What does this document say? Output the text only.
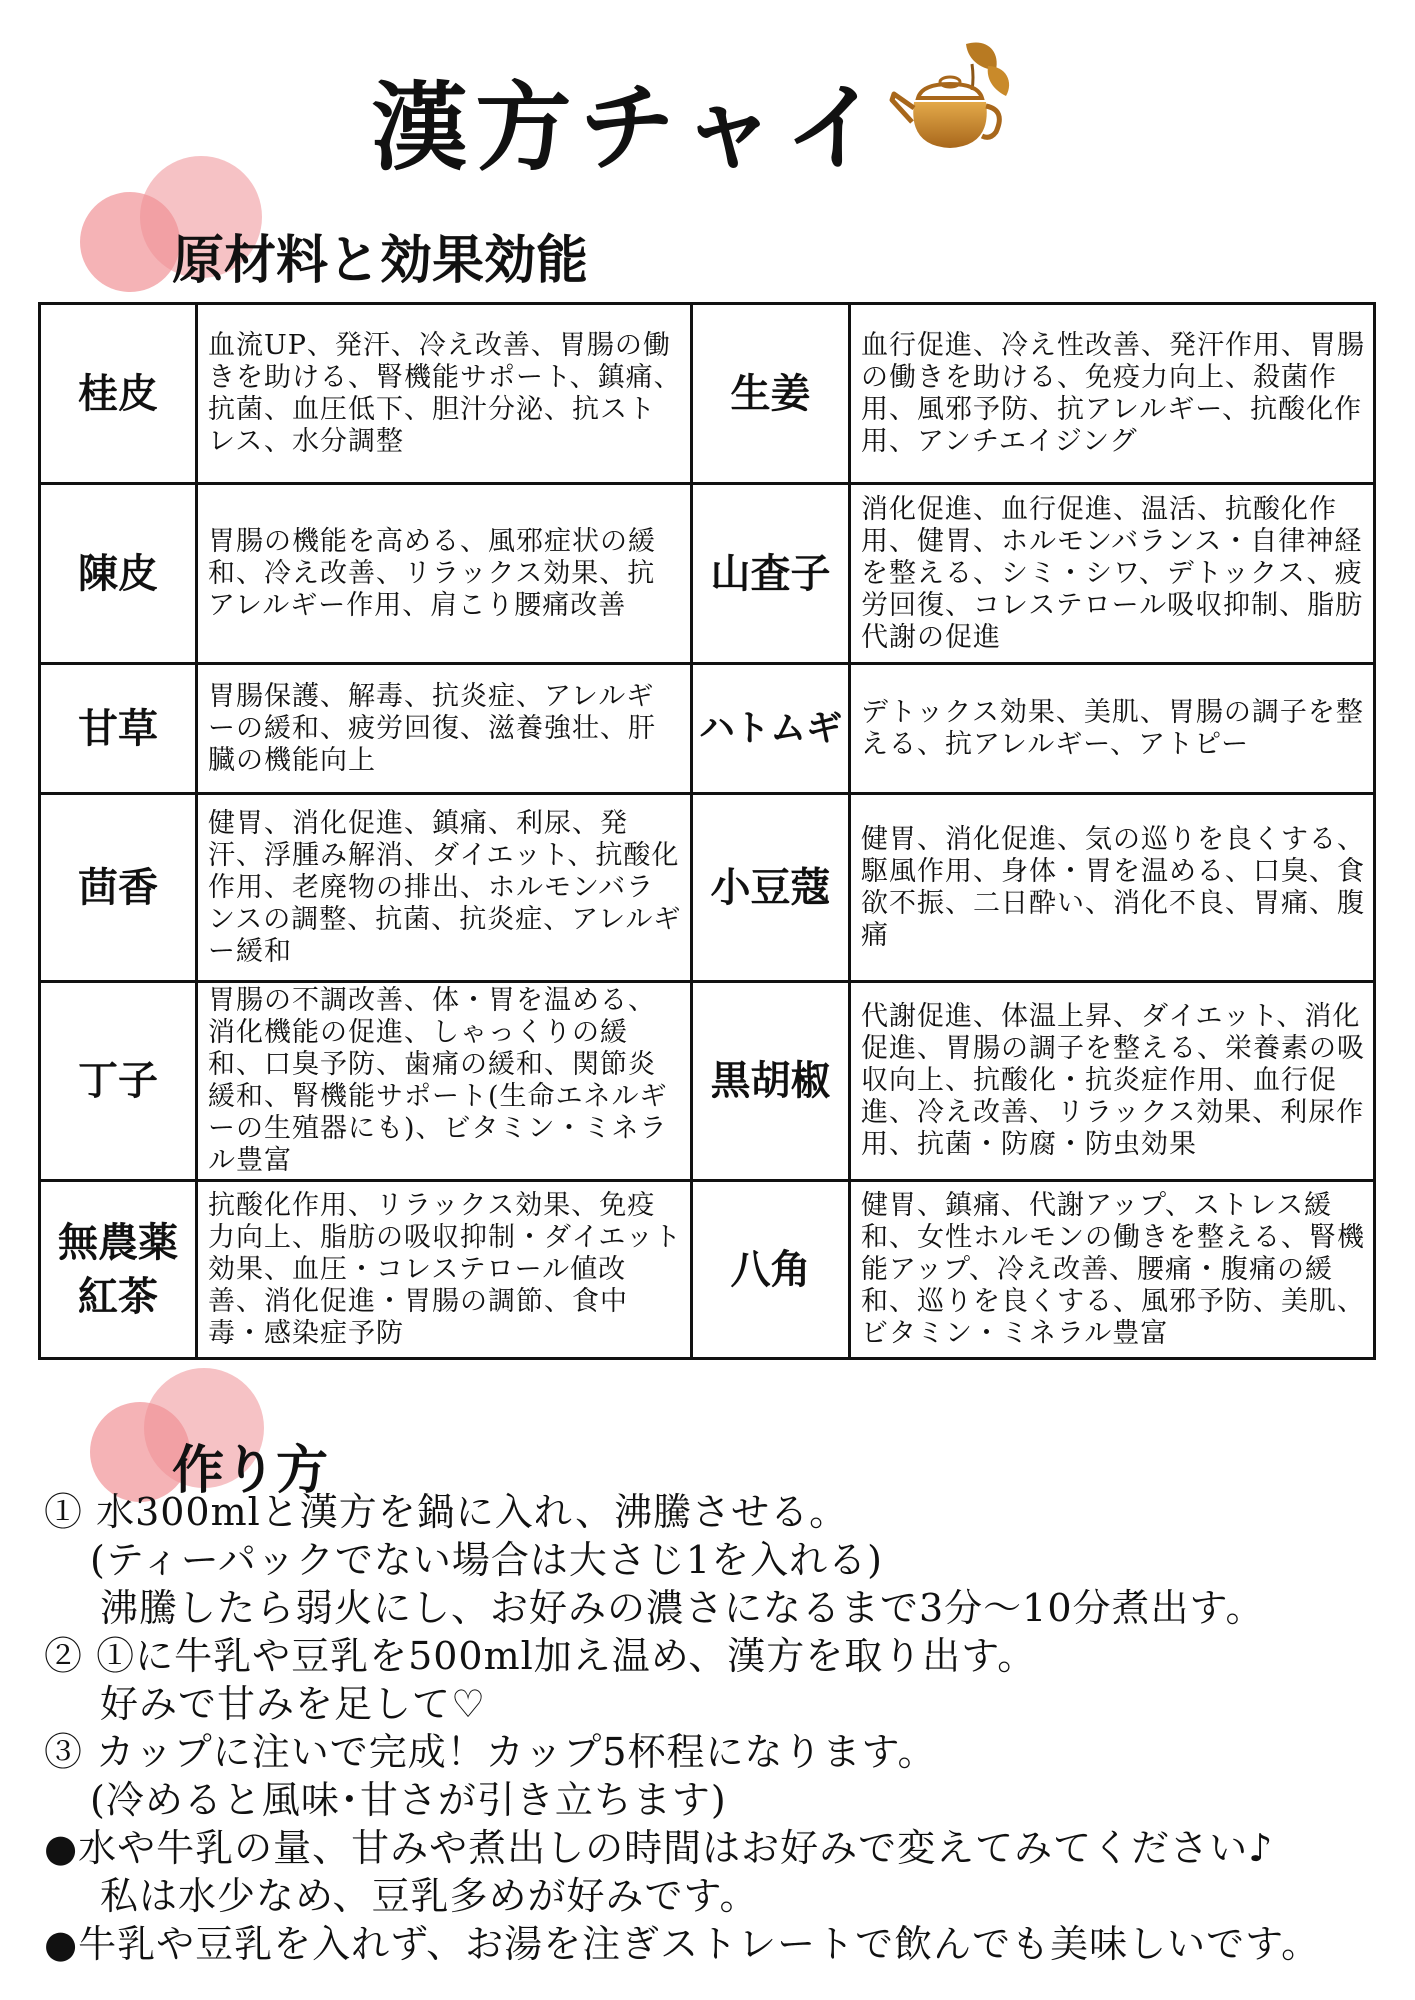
漢方チャイ
原材料と効果効能
桂皮	血流UP、発汗、冷え改善、胃腸の働きを助ける、腎機能サポート、鎮痛、抗菌、血圧低下、胆汁分泌、抗ストレス、水分調整	生姜	血行促進、冷え性改善、発汗作用、胃腸の働きを助ける、免疫力向上、殺菌作用、風邪予防、抗アレルギー、抗酸化作用、アンチエイジング
陳皮	胃腸の機能を高める、風邪症状の緩和、冷え改善、リラックス効果、抗アレルギー作用、肩こり腰痛改善	山査子	消化促進、血行促進、温活、抗酸化作用、健胃、ホルモンバランス・自律神経を整える、シミ・シワ、デトックス、疲労回復、コレステロール吸収抑制、脂肪代謝の促進
甘草	胃腸保護、解毒、抗炎症、アレルギーの緩和、疲労回復、滋養強壮、肝臓の機能向上	ハトムギ	デトックス効果、美肌、胃腸の調子を整える、抗アレルギー、アトピー
茴香	健胃、消化促進、鎮痛、利尿、発汗、浮腫み解消、ダイエット、抗酸化作用、老廃物の排出、ホルモンバランスの調整、抗菌、抗炎症、アレルギー緩和	小豆蔻	健胃、消化促進、気の巡りを良くする、駆風作用、身体・胃を温める、口臭、食欲不振、二日酔い、消化不良、胃痛、腹痛
丁子	胃腸の不調改善、体・胃を温める、消化機能の促進、しゃっくりの緩和、口臭予防、歯痛の緩和、関節炎緩和、腎機能サポート(生命エネルギーの生殖器にも)、ビタミン・ミネラル豊富	黒胡椒	代謝促進、体温上昇、ダイエット、消化促進、胃腸の調子を整える、栄養素の吸収向上、抗酸化・抗炎症作用、血行促進、冷え改善、リラックス効果、利尿作用、抗菌・防腐・防虫効果
無農薬紅茶	抗酸化作用、リラックス効果、免疫力向上、脂肪の吸収抑制・ダイエット効果、血圧・コレステロール値改善、消化促進・胃腸の調節、食中毒・感染症予防	八角	健胃、鎮痛、代謝アップ、ストレス緩和、女性ホルモンの働きを整える、腎機能アップ、冷え改善、腰痛・腹痛の緩和、巡りを良くする、風邪予防、美肌、ビタミン・ミネラル豊富
作り方
① 水300mlと漢方を鍋に入れ、沸騰させる。
(ティーパックでない場合は大さじ1を入れる)
沸騰したら弱火にし、お好みの濃さになるまで3分〜10分煮出す。
② ①に牛乳や豆乳を500ml加え温め、漢方を取り出す。
好みで甘みを足して♡
③ カップに注いで完成！カップ5杯程になります。
(冷めると風味･甘さが引き立ちます)
●水や牛乳の量、甘みや煮出しの時間はお好みで変えてみてください♪
私は水少なめ、豆乳多めが好みです。
●牛乳や豆乳を入れず、お湯を注ぎストレートで飲んでも美味しいです。
